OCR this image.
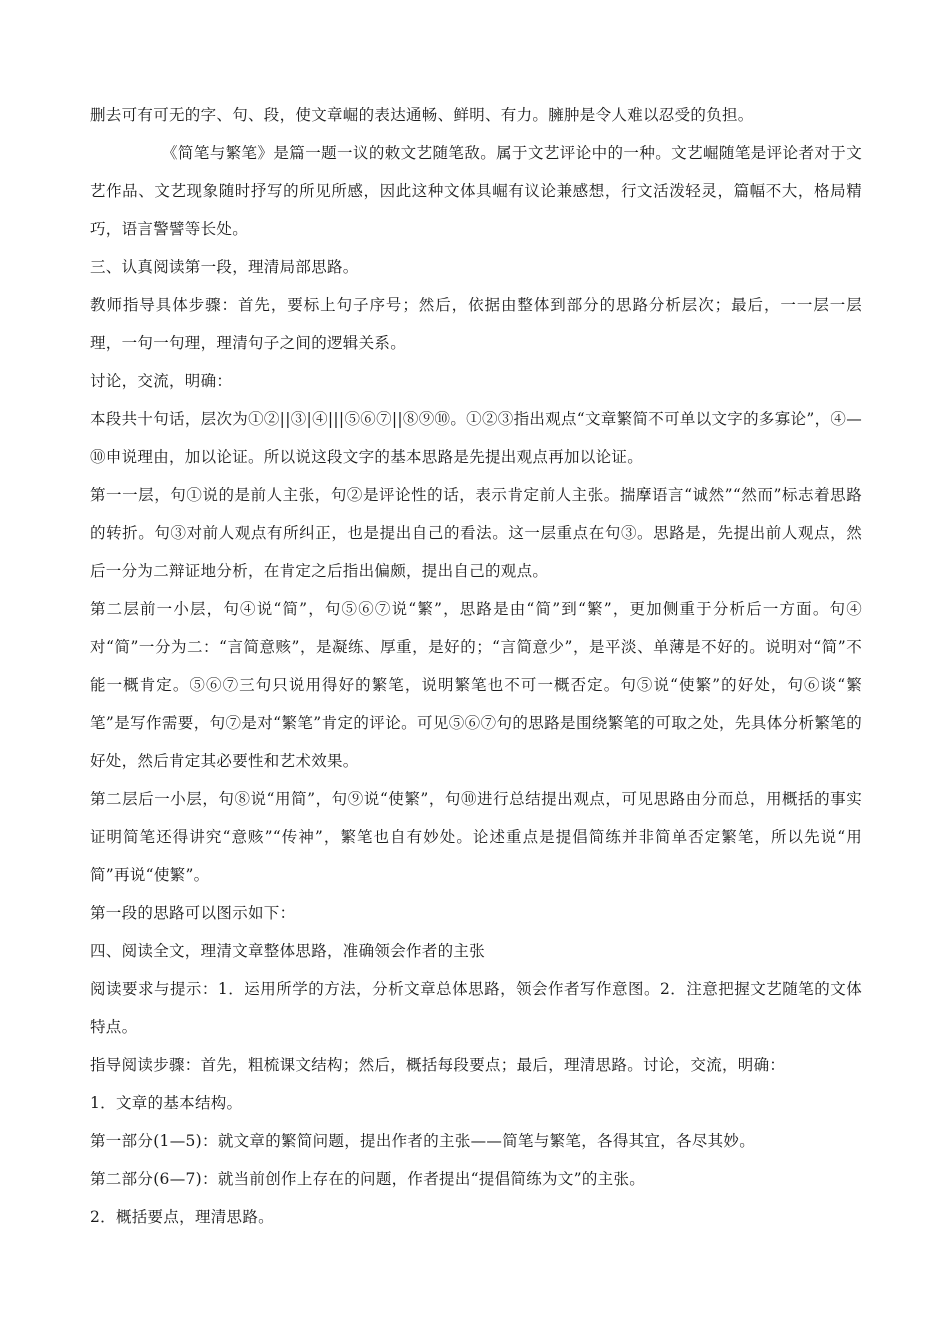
删去可有可无的字、句、段，使文章崛的表达通畅、鲜明、有力。臃肿是令人难以忍受的负担。

《简笔与繁笔》是篇一题一议的敕文艺随笔敌。属于文艺评论中的一种。文艺崛随笔是评论者对于文艺作品、文艺现象随时抒写的所见所感，因此这种文体具崛有议论兼感想，行文活泼轻灵，篇幅不大，格局精巧，语言警譬等长处。

三、认真阅读第一段，理清局部思路。

教师指导具体步骤：首先，要标上句子序号；然后，依据由整体到部分的思路分析层次；最后，一一层一层理，一句一句理，理清句子之间的逻辑关系。

讨论，交流，明确：

本段共十句话，层次为①②||③|④|||⑤⑥⑦||⑧⑨⑩。①②③指出观点“文章繁简不可单以文字的多寡论”，④—⑩申说理由，加以论证。所以说这段文字的基本思路是先提出观点再加以论证。

第一一层，句①说的是前人主张，句②是评论性的话，表示肯定前人主张。揣摩语言“诚然”“然而”标志着思路的转折。句③对前人观点有所纠正，也是提出自己的看法。这一层重点在句③。思路是，先提出前人观点，然后一分为二辩证地分析，在肯定之后指出偏颇，提出自己的观点。

第二层前一小层，句④说“简”，句⑤⑥⑦说“繁”，思路是由“简”到“繁”，更加侧重于分析后一方面。句④对“简”一分为二：“言简意赅”，是凝练、厚重，是好的；“言简意少”，是平淡、单薄是不好的。说明对“简”不能一概肯定。⑤⑥⑦三句只说用得好的繁笔，说明繁笔也不可一概否定。句⑤说“使繁”的好处，句⑥谈“繁笔”是写作需要，句⑦是对“繁笔”肯定的评论。可见⑤⑥⑦句的思路是围绕繁笔的可取之处，先具体分析繁笔的好处，然后肯定其必要性和艺术效果。

第二层后一小层，句⑧说“用简”，句⑨说“使繁”，句⑩进行总结提出观点，可见思路由分而总，用概括的事实证明简笔还得讲究“意赅”“传神”，繁笔也自有妙处。论述重点是提倡简练并非简单否定繁笔，所以先说“用简”再说“使繁”。

第一段的思路可以图示如下：

四、阅读全文，理清文章整体思路，准确领会作者的主张

阅读要求与提示：1．运用所学的方法，分析文章总体思路，领会作者写作意图。2．注意把握文艺随笔的文体特点。

指导阅读步骤：首先，粗梳课文结构；然后，概括每段要点；最后，理清思路。讨论，交流，明确：

1．文章的基本结构。

第一部分(1—5)：就文章的繁简问题，提出作者的主张——简笔与繁笔，各得其宜，各尽其妙。

第二部分(6—7)：就当前创作上存在的问题，作者提出“提倡简练为文”的主张。

2．概括要点，理清思路。
